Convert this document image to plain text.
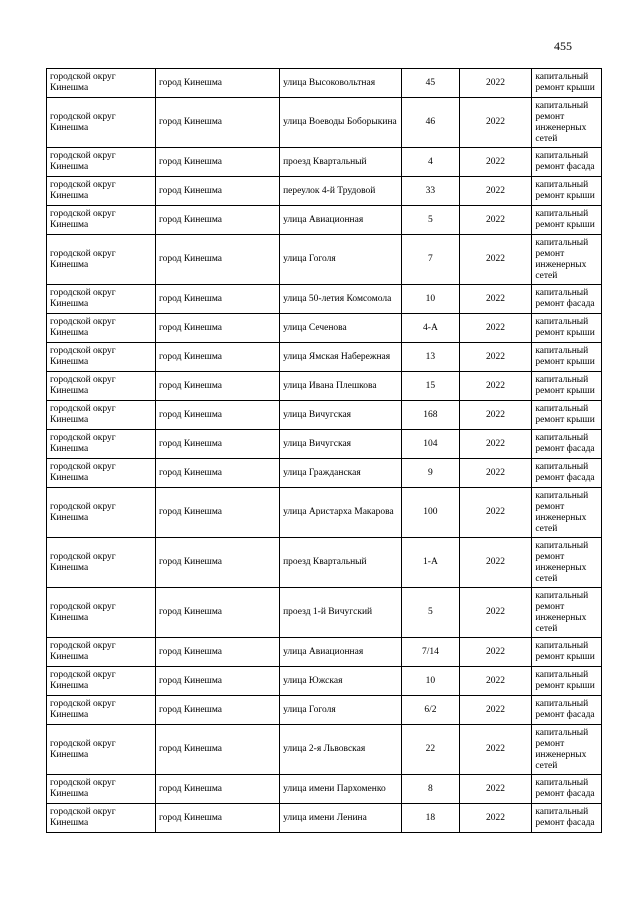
455
городской округ Кинешма	город Кинешма	улица Высоковольтная	45	2022	капитальный ремонт крыши
городской округ Кинешма	город Кинешма	улица Воеводы Боборыкина	46	2022	капитальный ремонт инженерных сетей
городской округ Кинешма	город Кинешма	проезд Квартальный	4	2022	капитальный ремонт фасада
городской округ Кинешма	город Кинешма	переулок 4-й Трудовой	33	2022	капитальный ремонт крыши
городской округ Кинешма	город Кинешма	улица Авиационная	5	2022	капитальный ремонт крыши
городской округ Кинешма	город Кинешма	улица Гоголя	7	2022	капитальный ремонт инженерных сетей
городской округ Кинешма	город Кинешма	улица 50-летия Комсомола	10	2022	капитальный ремонт фасада
городской округ Кинешма	город Кинешма	улица Сеченова	4-А	2022	капитальный ремонт крыши
городской округ Кинешма	город Кинешма	улица Ямская Набережная	13	2022	капитальный ремонт крыши
городской округ Кинешма	город Кинешма	улица Ивана Плешкова	15	2022	капитальный ремонт крыши
городской округ Кинешма	город Кинешма	улица Вичугская	168	2022	капитальный ремонт крыши
городской округ Кинешма	город Кинешма	улица Вичугская	104	2022	капитальный ремонт фасада
городской округ Кинешма	город Кинешма	улица Гражданская	9	2022	капитальный ремонт фасада
городской округ Кинешма	город Кинешма	улица Аристарха Макарова	100	2022	капитальный ремонт инженерных сетей
городской округ Кинешма	город Кинешма	проезд Квартальный	1-А	2022	капитальный ремонт инженерных сетей
городской округ Кинешма	город Кинешма	проезд 1-й Вичугский	5	2022	капитальный ремонт инженерных сетей
городской округ Кинешма	город Кинешма	улица Авиационная	7/14	2022	капитальный ремонт крыши
городской округ Кинешма	город Кинешма	улица Южская	10	2022	капитальный ремонт крыши
городской округ Кинешма	город Кинешма	улица Гоголя	6/2	2022	капитальный ремонт фасада
городской округ Кинешма	город Кинешма	улица 2-я Львовская	22	2022	капитальный ремонт инженерных сетей
городской округ Кинешма	город Кинешма	улица имени Пархоменко	8	2022	капитальный ремонт фасада
городской округ Кинешма	город Кинешма	улица имени Ленина	18	2022	капитальный ремонт фасада
